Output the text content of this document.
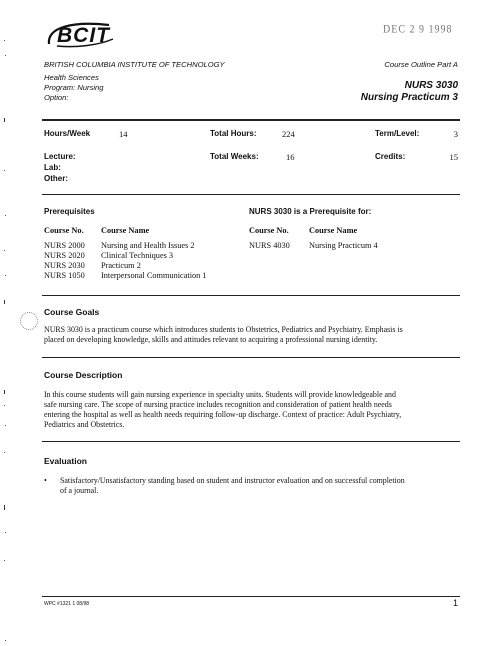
BCIT	DEC 2 9 1998
BRITISH COLUMBIA INSTITUTE OF TECHNOLOGY
Health Sciences
Program: Nursing
Option:
Course Outline Part A
NURS 3030
Nursing Practicum 3
Hours/Week	14	Total Hours:	224	Term/Level:	3
Lecture:	Total Weeks:	16	Credits:	15
Lab:
Other:
Prerequisites
Course No. Course Name
NURS 2000 Nursing and Health Issues 2
NURS 2020 Clinical Techniques 3
NURS 2030 Practicum 2
NURS 1050 Interpersonal Communication 1
NURS 3030 is a Prerequisite for:
Course No. Course Name
NURS 4030 Nursing Practicum 4
Course Goals
NURS 3030 is a practicum course which introduces students to Obstetrics, Pediatrics and Psychiatry. Emphasis is
placed on developing knowledge, skills and attitudes relevant to acquiring a professional nursing identity.
Course Description
In this course students will gain nursing experience in specialty units. Students will provide knowledgeable and
safe nursing care. The scope of nursing practice includes recognition and consideration of patient health needs
entering the hospital as well as health needs requiring follow-up discharge. Context of practice: Adult Psychiatry,
Pediatrics and Obstetrics.
Evaluation
• Satisfactory/Unsatisfactory standing based on student and instructor evaluation and on successful completion
of a journal.
WPC #1321 1 08/98	1
